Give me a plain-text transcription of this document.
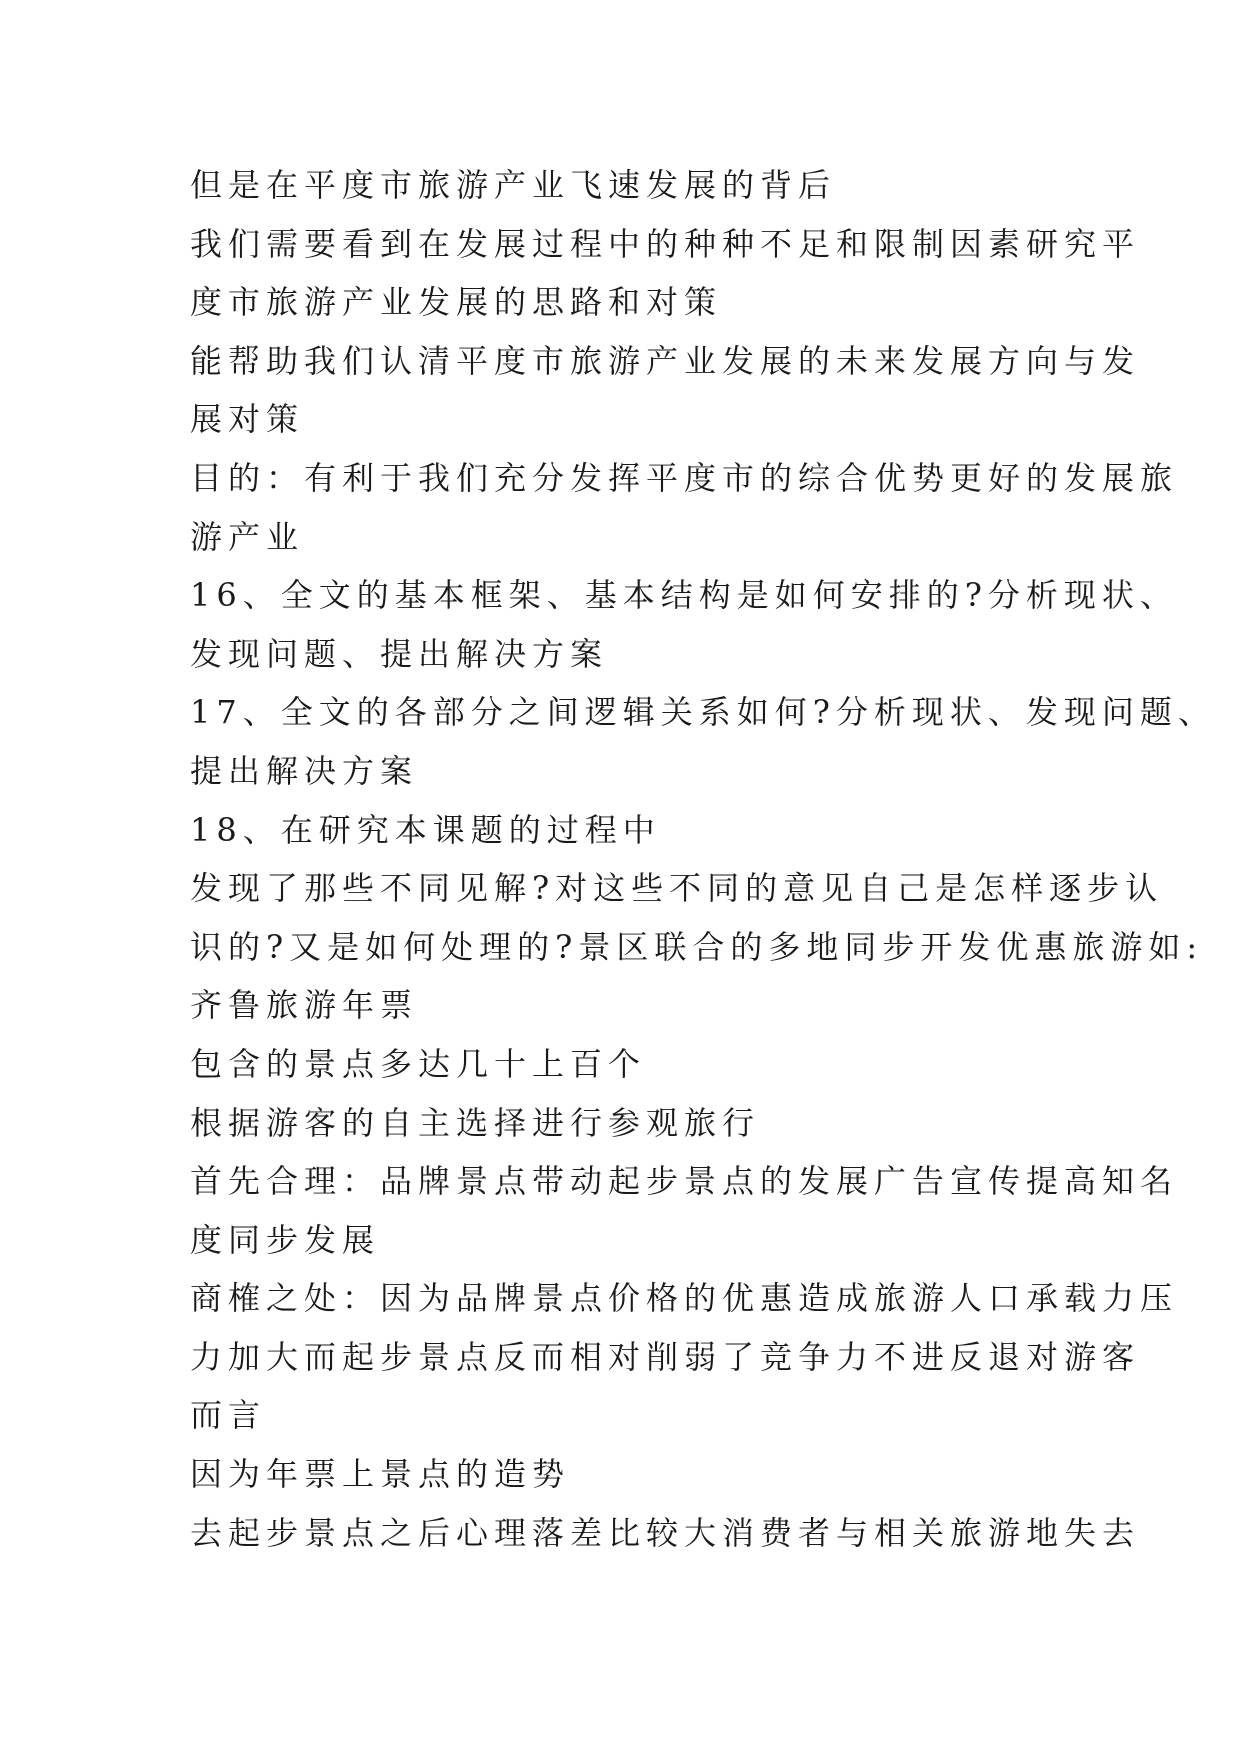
但是在平度市旅游产业飞速发展的背后
我们需要看到在发展过程中的种种不足和限制因素研究平
度市旅游产业发展的思路和对策
能帮助我们认清平度市旅游产业发展的未来发展方向与发
展对策
目的：有利于我们充分发挥平度市的综合优势更好的发展旅
游产业
16、全文的基本框架、基本结构是如何安排的?分析现状、
发现问题、提出解决方案
17、全文的各部分之间逻辑关系如何?分析现状、发现问题、
提出解决方案
18、在研究本课题的过程中
发现了那些不同见解?对这些不同的意见自己是怎样逐步认
识的?又是如何处理的?景区联合的多地同步开发优惠旅游如:
齐鲁旅游年票
包含的景点多达几十上百个
根据游客的自主选择进行参观旅行
首先合理：品牌景点带动起步景点的发展广告宣传提高知名
度同步发展
商榷之处：因为品牌景点价格的优惠造成旅游人口承载力压
力加大而起步景点反而相对削弱了竞争力不进反退对游客
而言
因为年票上景点的造势
去起步景点之后心理落差比较大消费者与相关旅游地失去
